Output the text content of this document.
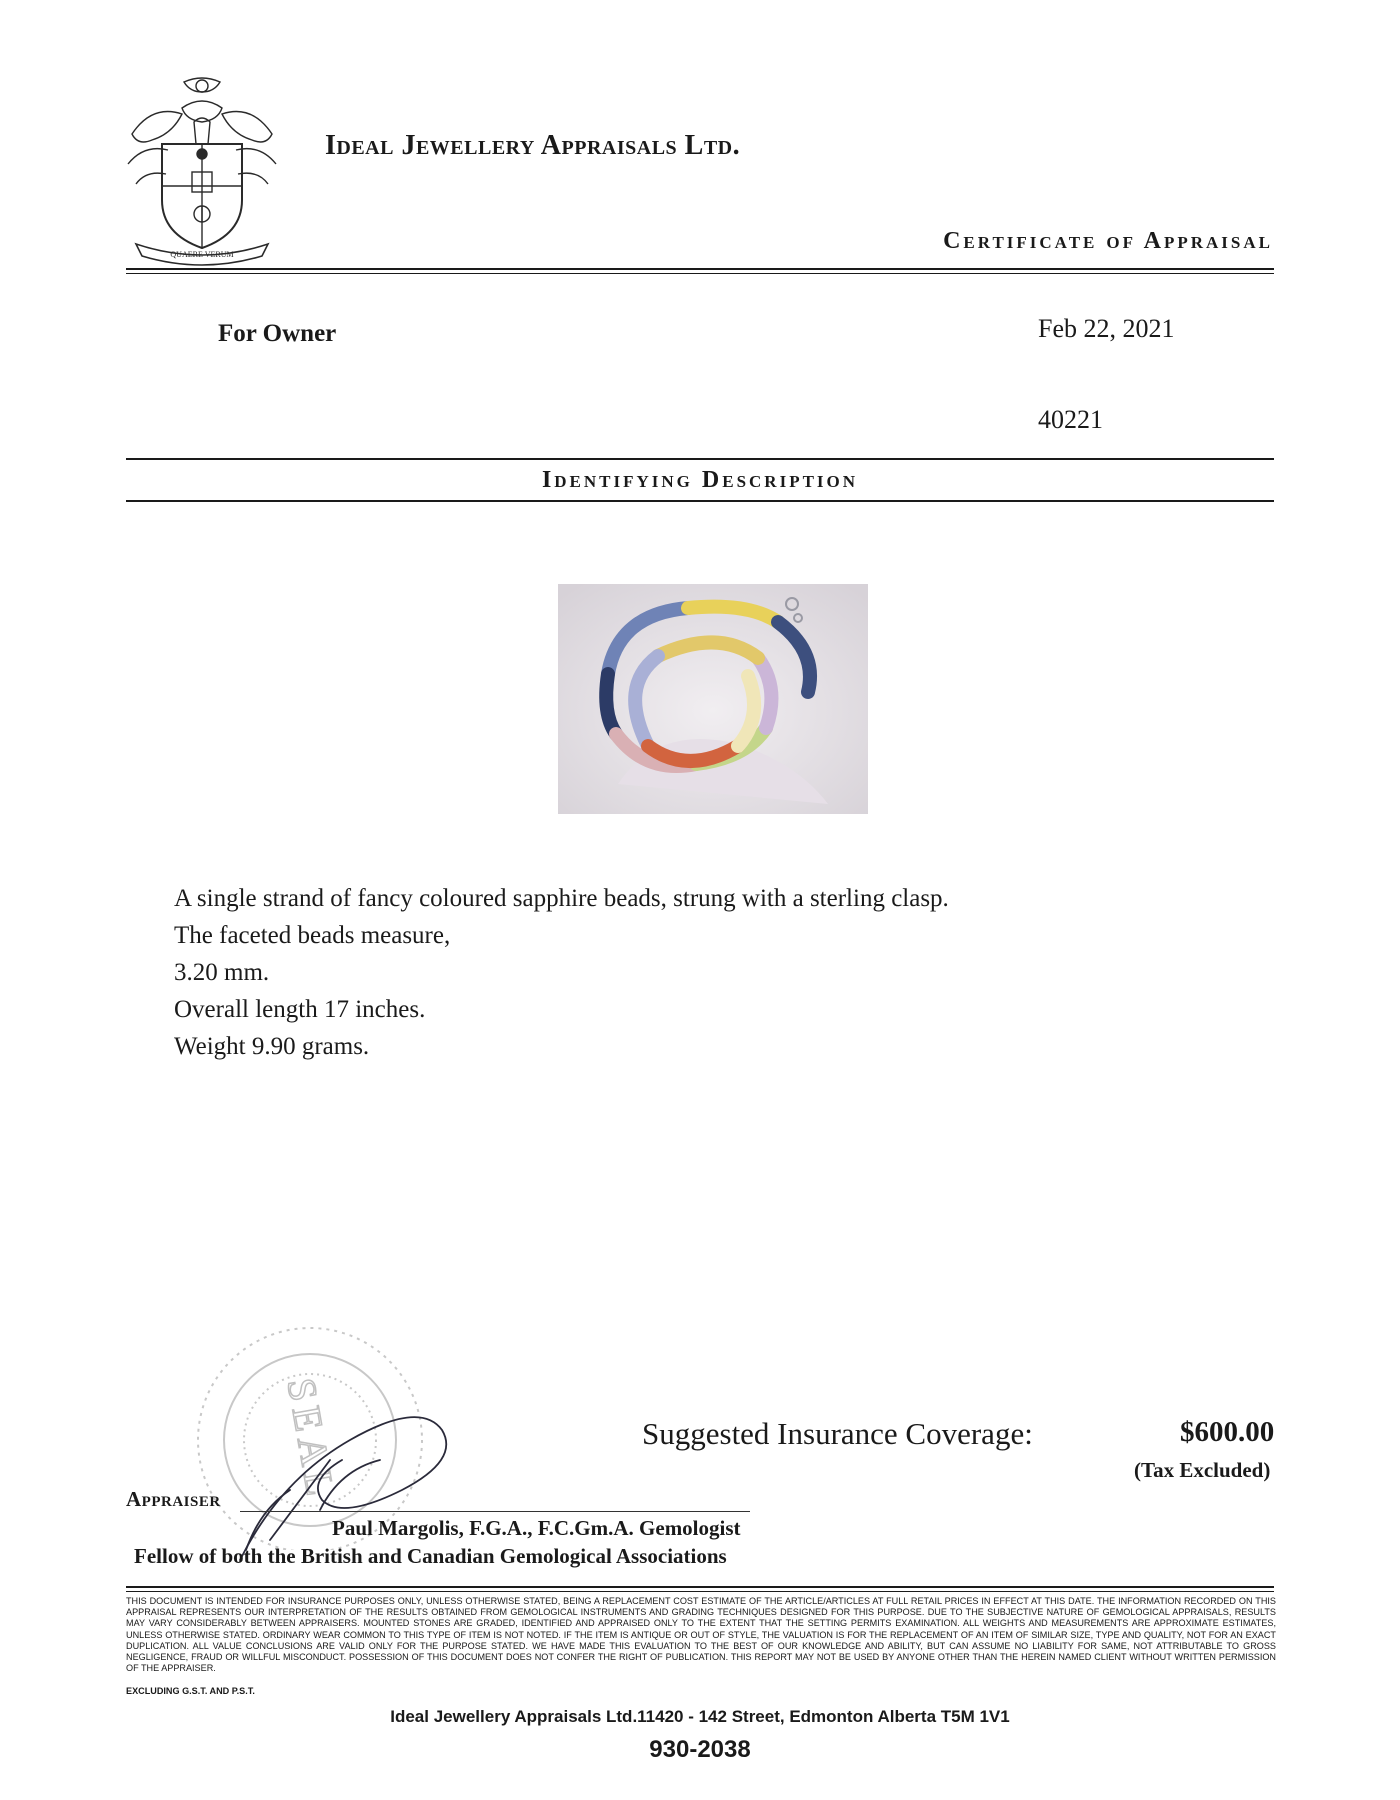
QUAERE VERUM
Ideal Jewellery Appraisals Ltd.
Certificate of Appraisal
For Owner	Feb 22, 2021
40221
Identifying Description
A single strand of fancy coloured sapphire beads, strung with a sterling clasp.
The faceted beads measure,
3.20 mm.
Overall length 17 inches.
Weight 9.90 grams.
SEAL	Suggested Insurance Coverage:	$600.00
(Tax Excluded)
Appraiser
Paul Margolis, F.G.A., F.C.Gm.A. Gemologist
Fellow of both the British and Canadian Gemological Associations
THIS DOCUMENT IS INTENDED FOR INSURANCE PURPOSES ONLY, UNLESS OTHERWISE STATED, BEING A REPLACEMENT COST ESTIMATE OF THE ARTICLE/ARTICLES AT FULL RETAIL PRICES IN EFFECT AT THIS DATE. THE INFORMATION RECORDED ON THIS APPRAISAL REPRESENTS OUR INTERPRETATION OF THE RESULTS OBTAINED FROM GEMOLOGICAL INSTRUMENTS AND GRADING TECHNIQUES DESIGNED FOR THIS PURPOSE. DUE TO THE SUBJECTIVE NATURE OF GEMOLOGICAL APPRAISALS, RESULTS MAY VARY CONSIDERABLY BETWEEN APPRAISERS. MOUNTED STONES ARE GRADED, IDENTIFIED AND APPRAISED ONLY TO THE EXTENT THAT THE SETTING PERMITS EXAMINATION. ALL WEIGHTS AND MEASUREMENTS ARE APPROXIMATE ESTIMATES, UNLESS OTHERWISE STATED. ORDINARY WEAR COMMON TO THIS TYPE OF ITEM IS NOT NOTED. IF THE ITEM IS ANTIQUE OR OUT OF STYLE, THE VALUATION IS FOR THE REPLACEMENT OF AN ITEM OF SIMILAR SIZE, TYPE AND QUALITY, NOT FOR AN EXACT DUPLICATION. ALL VALUE CONCLUSIONS ARE VALID ONLY FOR THE PURPOSE STATED. WE HAVE MADE THIS EVALUATION TO THE BEST OF OUR KNOWLEDGE AND ABILITY, BUT CAN ASSUME NO LIABILITY FOR SAME, NOT ATTRIBUTABLE TO GROSS NEGLIGENCE, FRAUD OR WILLFUL MISCONDUCT. POSSESSION OF THIS DOCUMENT DOES NOT CONFER THE RIGHT OF PUBLICATION. THIS REPORT MAY NOT BE USED BY ANYONE OTHER THAN THE HEREIN NAMED CLIENT WITHOUT WRITTEN PERMISSION OF THE APPRAISER.
EXCLUDING G.S.T. AND P.S.T.
Ideal Jewellery Appraisals Ltd.11420 - 142 Street, Edmonton Alberta T5M 1V1
930-2038
